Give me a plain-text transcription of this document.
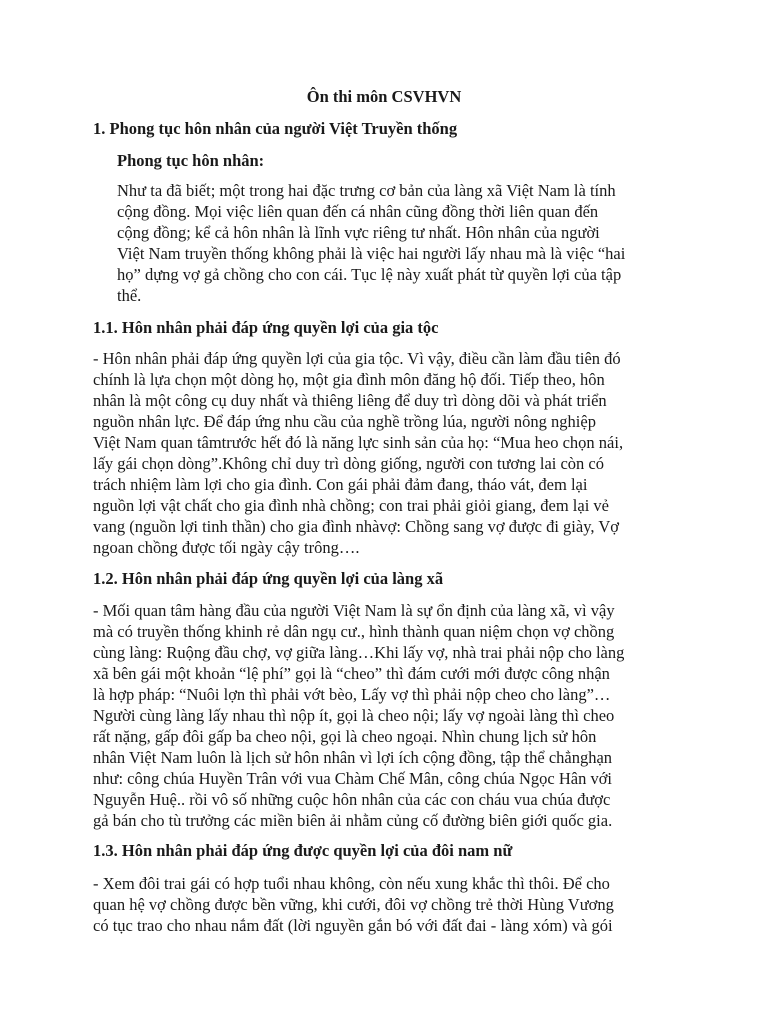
Ôn thi môn CSVHVN
1. Phong tục hôn nhân của người Việt Truyền thống
Phong tục hôn nhân:
Như ta đã biết; một trong hai đặc trưng cơ bản của làng xã Việt Nam là tính
cộng đồng. Mọi việc liên quan đến cá nhân cũng đồng thời liên quan đến
cộng đồng; kể cả hôn nhân là lĩnh vực riêng tư nhất. Hôn nhân của người
Việt Nam truyền thống không phải là việc hai người lấy nhau mà là việc “hai
họ” dựng vợ gả chồng cho con cái. Tục lệ này xuất phát từ quyền lợi của tập
thể.
1.1. Hôn nhân phải đáp ứng quyền lợi của gia tộc
- Hôn nhân phải đáp ứng quyền lợi của gia tộc. Vì vậy, điều cần làm đầu tiên đó
chính là lựa chọn một dòng họ, một gia đình môn đăng hộ đối. Tiếp theo, hôn
nhân là một công cụ duy nhất và thiêng liêng để duy trì dòng dõi và phát triển
nguồn nhân lực. Để đáp ứng nhu cầu của nghề trồng lúa, người nông nghiệp
Việt Nam quan tâmtrước hết đó là năng lực sinh sản của họ: “Mua heo chọn nái,
lấy gái chọn dòng”.Không chỉ duy trì dòng giống, người con tương lai còn có
trách nhiệm làm lợi cho gia đình. Con gái phải đảm đang, tháo vát, đem lại
nguồn lợi vật chất cho gia đình nhà chồng; con trai phải giỏi giang, đem lại vẻ
vang (nguồn lợi tinh thần) cho gia đình nhàvợ: Chồng sang vợ được đi giày, Vợ
ngoan chồng được tối ngày cậy trông….
1.2. Hôn nhân phải đáp ứng quyền lợi của làng xã
- Mối quan tâm hàng đầu của người Việt Nam là sự ổn định của làng xã, vì vậy
mà có truyền thống khinh rẻ dân ngụ cư., hình thành quan niệm chọn vợ chồng
cùng làng: Ruộng đầu chợ, vợ giữa làng…Khi lấy vợ, nhà trai phải nộp cho làng
xã bên gái một khoản “lệ phí” gọi là “cheo” thì đám cưới mới được công nhận
là hợp pháp: “Nuôi lợn thì phải vớt bèo, Lấy vợ thì phải nộp cheo cho làng”…
Người cùng làng lấy nhau thì nộp ít, gọi là cheo nội; lấy vợ ngoài làng thì cheo
rất nặng, gấp đôi gấp ba cheo nội, gọi là cheo ngoại. Nhìn chung lịch sử hôn
nhân Việt Nam luôn là lịch sử hôn nhân vì lợi ích cộng đồng, tập thể chẳnghạn
như: công chúa Huyền Trân với vua Chàm Chế Mân, công chúa Ngọc Hân với
Nguyễn Huệ.. rồi vô số những cuộc hôn nhân của các con cháu vua chúa được
gả bán cho tù trưởng các miền biên ải nhằm củng cố đường biên giới quốc gia.
1.3. Hôn nhân phải đáp ứng được quyền lợi của đôi nam nữ
- Xem đôi trai gái có hợp tuổi nhau không, còn nếu xung khắc thì thôi. Để cho
quan hệ vợ chồng được bền vững, khi cưới, đôi vợ chồng trẻ thời Hùng Vương
có tục trao cho nhau nắm đất (lời nguyền gắn bó với đất đai - làng xóm) và gói
